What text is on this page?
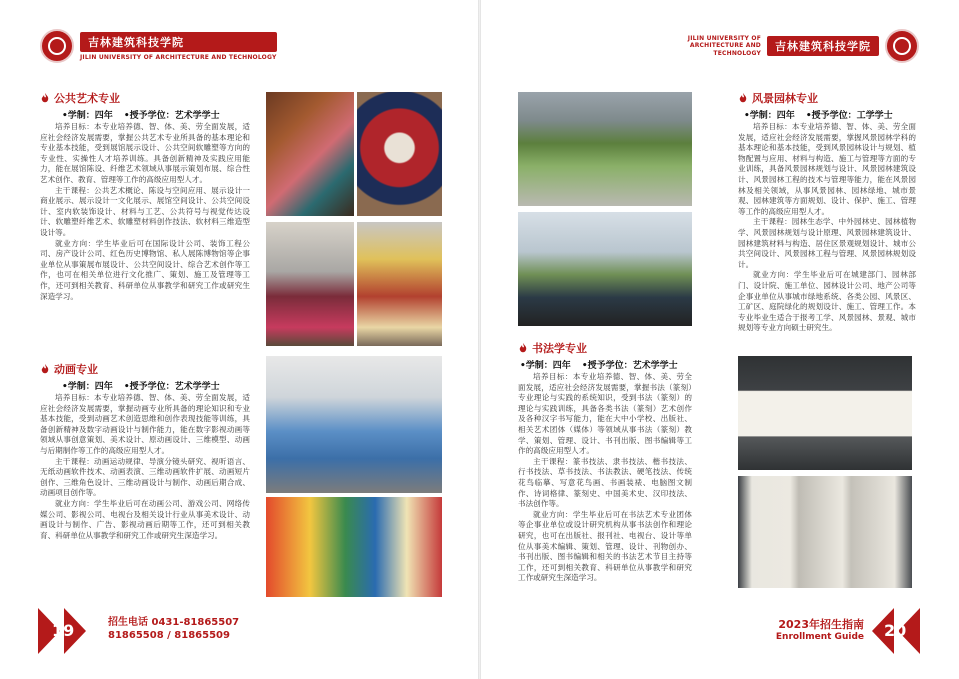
吉林建筑科技学院
JILIN UNIVERSITY OF ARCHITECTURE AND TECHNOLOGY
公共艺术专业
•学制：四年 •授予学位：艺术学学士

培养目标：本专业培养德、智、体、美、劳全面发展，适应社会经济发展需要，掌握公共艺术专业所具备的基本理论和专业基本技能，受到展馆展示设计、公共空间软雕塑等方向的专业性、实操性人才培养训练。具备创新精神及实践应用能力，能在展馆陈设、纤维艺术领域从事展示策划布展、综合性艺术创作、教育、管理等工作的高级应用型人才。

主干课程：公共艺术概论、陈设与空间应用、展示设计一商业展示、展示设计一文化展示、展馆空间设计、公共空间设计、室内软装饰设计、材料与工艺、公共符号与视觉传达设计、软雕塑纤维艺术、软雕塑材料创作技法、软材料三维造型设计等。

就业方向：学生毕业后可在国际设计公司、装饰工程公司、房产设计公司、红色历史博物馆、私人展陈博物馆等企事业单位从事策展布展设计、公共空间设计、综合艺术创作等工作，也可在相关单位进行文化推广、策划、施工及管理等工作，还可到相关教育、科研单位从事教学和研究工作或研究生深造学习。

动画专业
•学制：四年 •授予学位：艺术学学士

培养目标：本专业培养德、智、体、美、劳全面发展，适应社会经济发展需要，掌握动画专业所具备的理论知识和专业基本技能，受到动画艺术创造思维和创作表现技能等训练，具备创新精神及数字动画设计与制作能力，能在数字影视动画等领域从事创意策划、美术设计、原动画设计、三维模型、动画与后期制作等工作的高级应用型人才。

主干课程：动画运动规律、导演分镜头研究、视听语言、无纸动画软件技术、动画表演、三维动画软件扩展、动画短片创作、三维角色设计、三维动画设计与制作、动画后期合成、动画项目创作等。

就业方向：学生毕业后可在动画公司、游戏公司、网络传媒公司、影视公司、电视台及相关设计行业从事美术设计、动画设计与制作、广告、影视动画后期等工作，还可到相关教育、科研单位从事教学和研究工作或研究生深造学习。

19	招生电话 0431-81865507
81865508 / 81865509
吉林建筑科技学院
JILIN UNIVERSITY OF ARCHITECTURE AND TECHNOLOGY
书法学专业
•学制：四年 •授予学位：艺术学学士

培养目标：本专业培养德、智、体、美、劳全面发展，适应社会经济发展需要，掌握书法（篆刻）专业理论与实践的系统知识，受到书法（篆刻）的理论与实践训练，具备各类书法（篆刻）艺术创作及各种汉字书写能力，能在大中小学校、出版社、相关艺术团体（媒体）等领域从事书法（篆刻）教学、策划、管理、设计、书刊出版、图书编辑等工作的高级应用型人才。

主干课程：篆书技法、隶书技法、楷书技法、行书技法、草书技法、书法教法、硬笔技法、传统花鸟临摹、写意花鸟画、书画装裱、电脑图文制作、诗词格律、篆刻史、中国美术史、汉印技法、书法创作等。

就业方向：学生毕业后可在书法艺术专业团体等企事业单位或设计研究机构从事书法创作和理论研究，也可在出版社、报刊社、电视台、设计等单位从事美术编辑、策划、管理、设计、刊物创办、书刊出版、图书编辑和相关的书法艺术节目主持等工作，还可到相关教育、科研单位从事教学和研究工作或研究生深造学习。

风景园林专业
•学制：四年 •授予学位：工学学士

培养目标：本专业培养德、智、体、美、劳全面发展，适应社会经济发展需要，掌握风景园林学科的基本理论和基本技能，受到风景园林设计与规划、植物配置与应用、材料与构造、施工与管理等方面的专业训练，具备风景园林规划与设计、风景园林建筑设计、风景园林工程的技术与管理等能力，能在风景园林及相关领域，从事风景园林、园林绿地、城市景观、园林建筑等方面规划、设计、保护、施工、管理等工作的高级应用型人才。

主干课程：园林生态学、中外园林史、园林植物学、风景园林规划与设计原理、风景园林建筑设计、园林建筑材料与构造、居住区景观规划设计、城市公共空间设计、风景园林工程与管理、风景园林规划设计。

就业方向：学生毕业后可在城建部门、园林部门、设计院、施工单位、园林设计公司、地产公司等企事业单位从事城市绿地系统、各类公园、风景区、工矿区、庭院绿化的规划设计、施工、管理工作。本专业毕业生适合于报考工学、风景园林、景观、城市规划等专业方向硕士研究生。

2023年招生指南
Enrollment Guide 20
